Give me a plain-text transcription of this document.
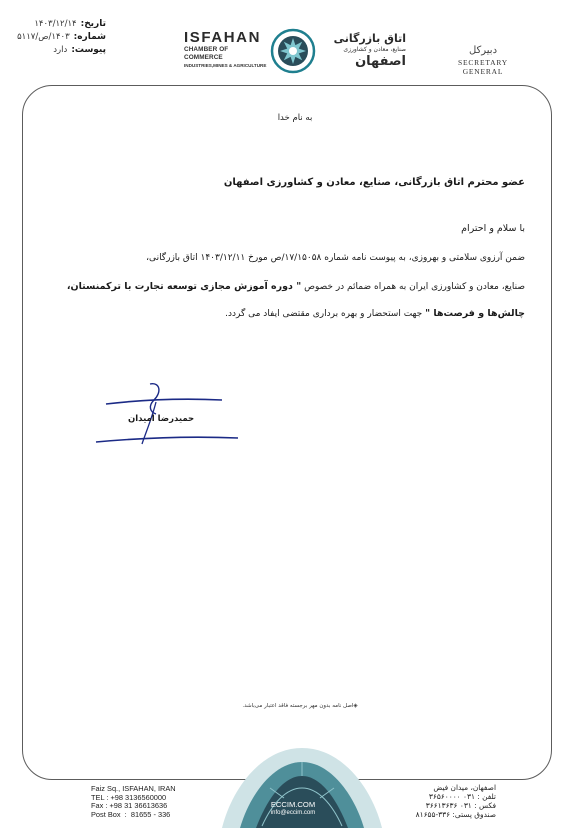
تاریخ:
۱۴۰۳/۱۲/۱۴
شماره:
۱۴۰۳/ص/۵۱۱۷
پیوست:
دارد
ISFAHAN
CHAMBER OF COMMERCE
INDUSTRIES,MINES & AGRICULTURE
اتاق بازرگانی
صنایع، معادن و کشاورزی
اصفهان
دبیرکل
SECRETARY GENERAL
به نام خدا
عضو محترم اتاق بازرگانی، صنایع، معادن و کشاورزی اصفهان
با سلام و احترام
ضمن آرزوی سلامتی و بهروزی، به پیوست نامه شماره ۱۷/۱۵۰۵۸/ص مورخ ۱۴۰۳/۱۲/۱۱ اتاق بازرگانی،
صنایع، معادن و کشاورزی ایران به همراه ضمائم در خصوص " دوره آموزش مجازی توسعه تجارت با ترکمنستان،
چالش‌ها و فرصت‌ها " جهت استحضار و بهره برداری مقتضی ایفاد می گردد.
حمیدرضا امیدان
◈اصل نامه بدون مهر برجسته فاقد اعتبار می‌باشد.
ECCIM.COM
info@eccim.com
Faiz Sq., ISFAHAN, IRAN
TEL : +98 3136560000
Fax : +98 31 36613636
Post Box  :  81655 - 336
اصفهان، میدان فیض
تلفن : ۰۳۱ ۳۶۵۶۰۰۰۰
فکس : ۰۳۱ ۳۶۶۱۳۶۳۶
صندوق پستی: ۳۳۶-۸۱۶۵۵
